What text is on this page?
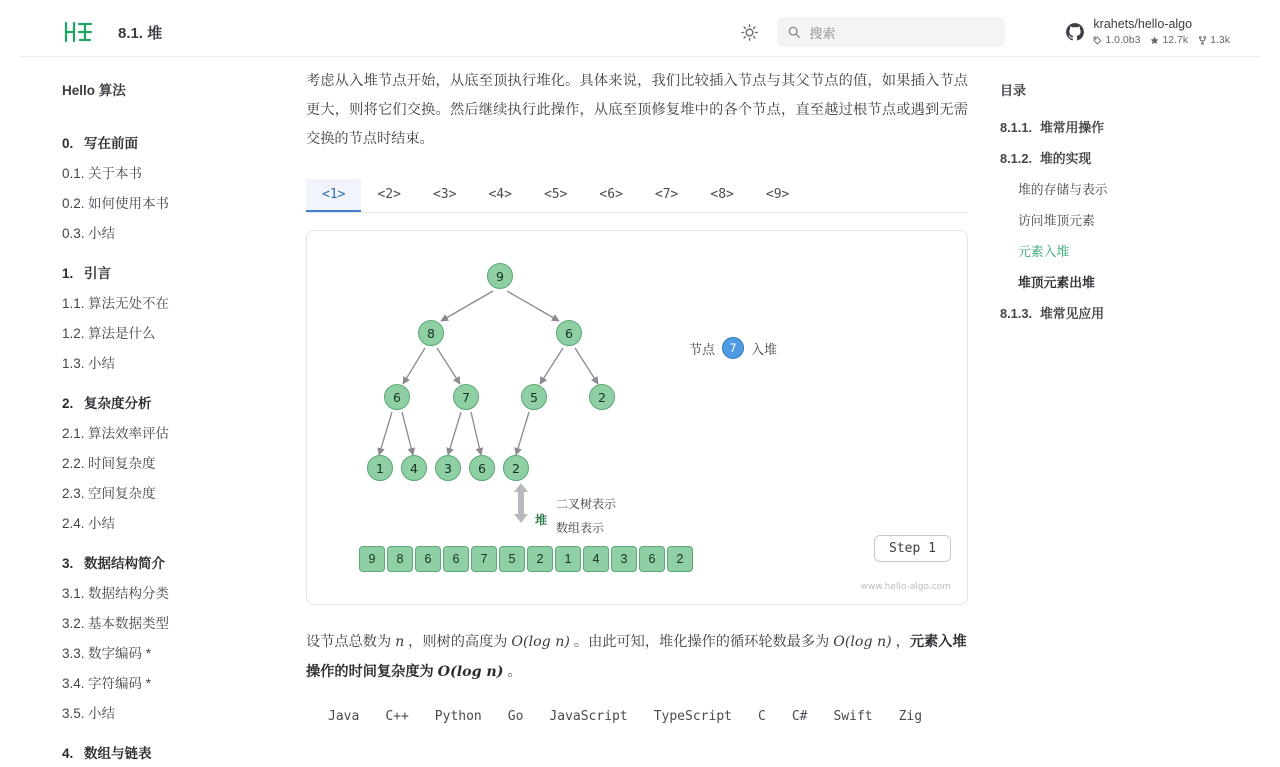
8.1. 堆	搜索
krahets/hello-algo
1.0.0b3 12.7k 1.3k
Hello 算法
0. 写在前面
0.1. 关于本书
0.2. 如何使用本书
0.3. 小结
1. 引言
1.1. 算法无处不在
1.2. 算法是什么
1.3. 小结
2. 复杂度分析
2.1. 算法效率评估
2.2. 时间复杂度
2.3. 空间复杂度
2.4. 小结
3. 数据结构简介
3.1. 数据结构分类
3.2. 基本数据类型
3.3. 数字编码 *
3.4. 字符编码 *
3.5. 小结
4. 数组与链表
考虑从入堆节点开始，从底至顶执行堆化。具体来说，我们比较插入节点与其父节点的值，如果插入节点更大，则将它们交换。然后继续执行此操作，从底至顶修复堆中的各个节点，直至越过根节点或遇到无需交换的节点时结束。
<1>	<2>	<3>	<4>	<5>	<6>	<7>	<8>	<9>
9
8	6
6	7	5	2
1	4	3	6	2
节点	7	入堆
堆
二叉树表示
数组表示
9	8	6	6	7	5	2	1	4	3	6	2
Step 1
www.hello-algo.com
设节点总数为 n ，则树的高度为 O(log n) 。由此可知，堆化操作的循环轮数最多为 O(log n) ，元素入堆操作的时间复杂度为 O(log n) 。
Java C++ Python Go JavaScript TypeScript C C# Swift Zig
目录
8.1.1. 堆常用操作
8.1.2. 堆的实现
堆的存储与表示
访问堆顶元素
元素入堆
堆顶元素出堆
8.1.3. 堆常见应用
